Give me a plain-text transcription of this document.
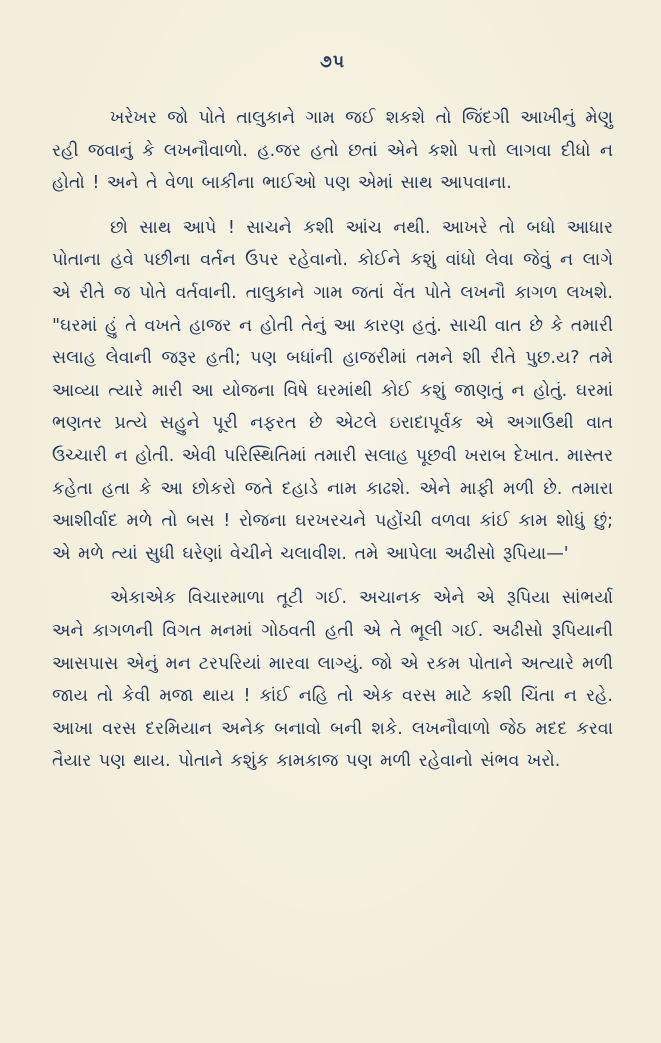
૭૫

ખરેખર જો પોતે તાલુકાને ગામ જઈ શકશે તો જિંદગી આખીનું મેણુ રહી જવાનું કે લખનૌવાળો. હ.જર હતો છતાં એને કશો પત્તો લાગવા દીધો ન હોતો ! અને તે વેળા બાકીના ભાઈઓ પણ એમાં સાથ આપવાના.

છો સાથ આપે ! સાચને કશી આંચ નથી. આખરે તો બધો આધાર પોતાના હવે પછીના વર્તન ઉપર રહેવાનો. કોઈને કશું વાંધો લેવા જેવું ન લાગે એ રીતે જ પોતે વર્તવાની. તાલુકાને ગામ જતાં વેંત પોતે લખનૌ કાગળ લખશે. "ઘરમાં હું તે વખતે હાજર ન હોતી તેનું આ કારણ હતું. સાચી વાત છે કે તમારી સલાહ લેવાની જરૂર હતી; પણ બધાંની હાજરીમાં તમને શી રીતે પુછ.ય? તમે આવ્યા ત્યારે મારી આ યોજના વિષે ઘરમાંથી કોઈ કશું જાણતું ન હોતું. ઘરમાં ભણતર પ્રત્યે સહુને પૂરી નફરત છે એટલે ઇરાદાપૂર્વક એ અગાઉથી વાત ઉચ્ચારી ન હોતી. એવી પરિસ્થિતિમાં તમારી સલાહ પૂછવી ખરાબ દેખાત. માસ્તર કહેતા હતા કે આ છોકરો જતે દહાડે નામ કાઢશે. એને માફી મળી છે. તમારા આશીર્વાદ મળે તો બસ ! રોજના ઘરખરચને પહોંચી વળવા કાંઈ કામ શોધું છું; એ મળે ત્યાં સુધી ઘરેણાં વેચીને ચલાવીશ. તમે આપેલા અઢીસો રૂપિયા—'

એકાએક વિચારમાળા તૂટી ગઈ. અચાનક એને એ રૂપિયા સાંભર્યા અને કાગળની વિગત મનમાં ગોઠવતી હતી એ તે ભૂલી ગઈ. અઢીસો રૂપિયાની આસપાસ એનું મન ટરપરિયાં મારવા લાગ્યું. જો એ રકમ પોતાને અત્યારે મળી જાય તો કેવી મજા થાય ! કાંઈ નહિ તો એક વરસ માટે કશી ચિંતા ન રહે. આખા વરસ દરમિયાન અનેક બનાવો બની શકે. લખનૌવાળો જેઠ મદદ કરવા તૈયાર પણ થાય. પોતાને કશુંક કામકાજ પણ મળી રહેવાનો સંભવ ખરો.
